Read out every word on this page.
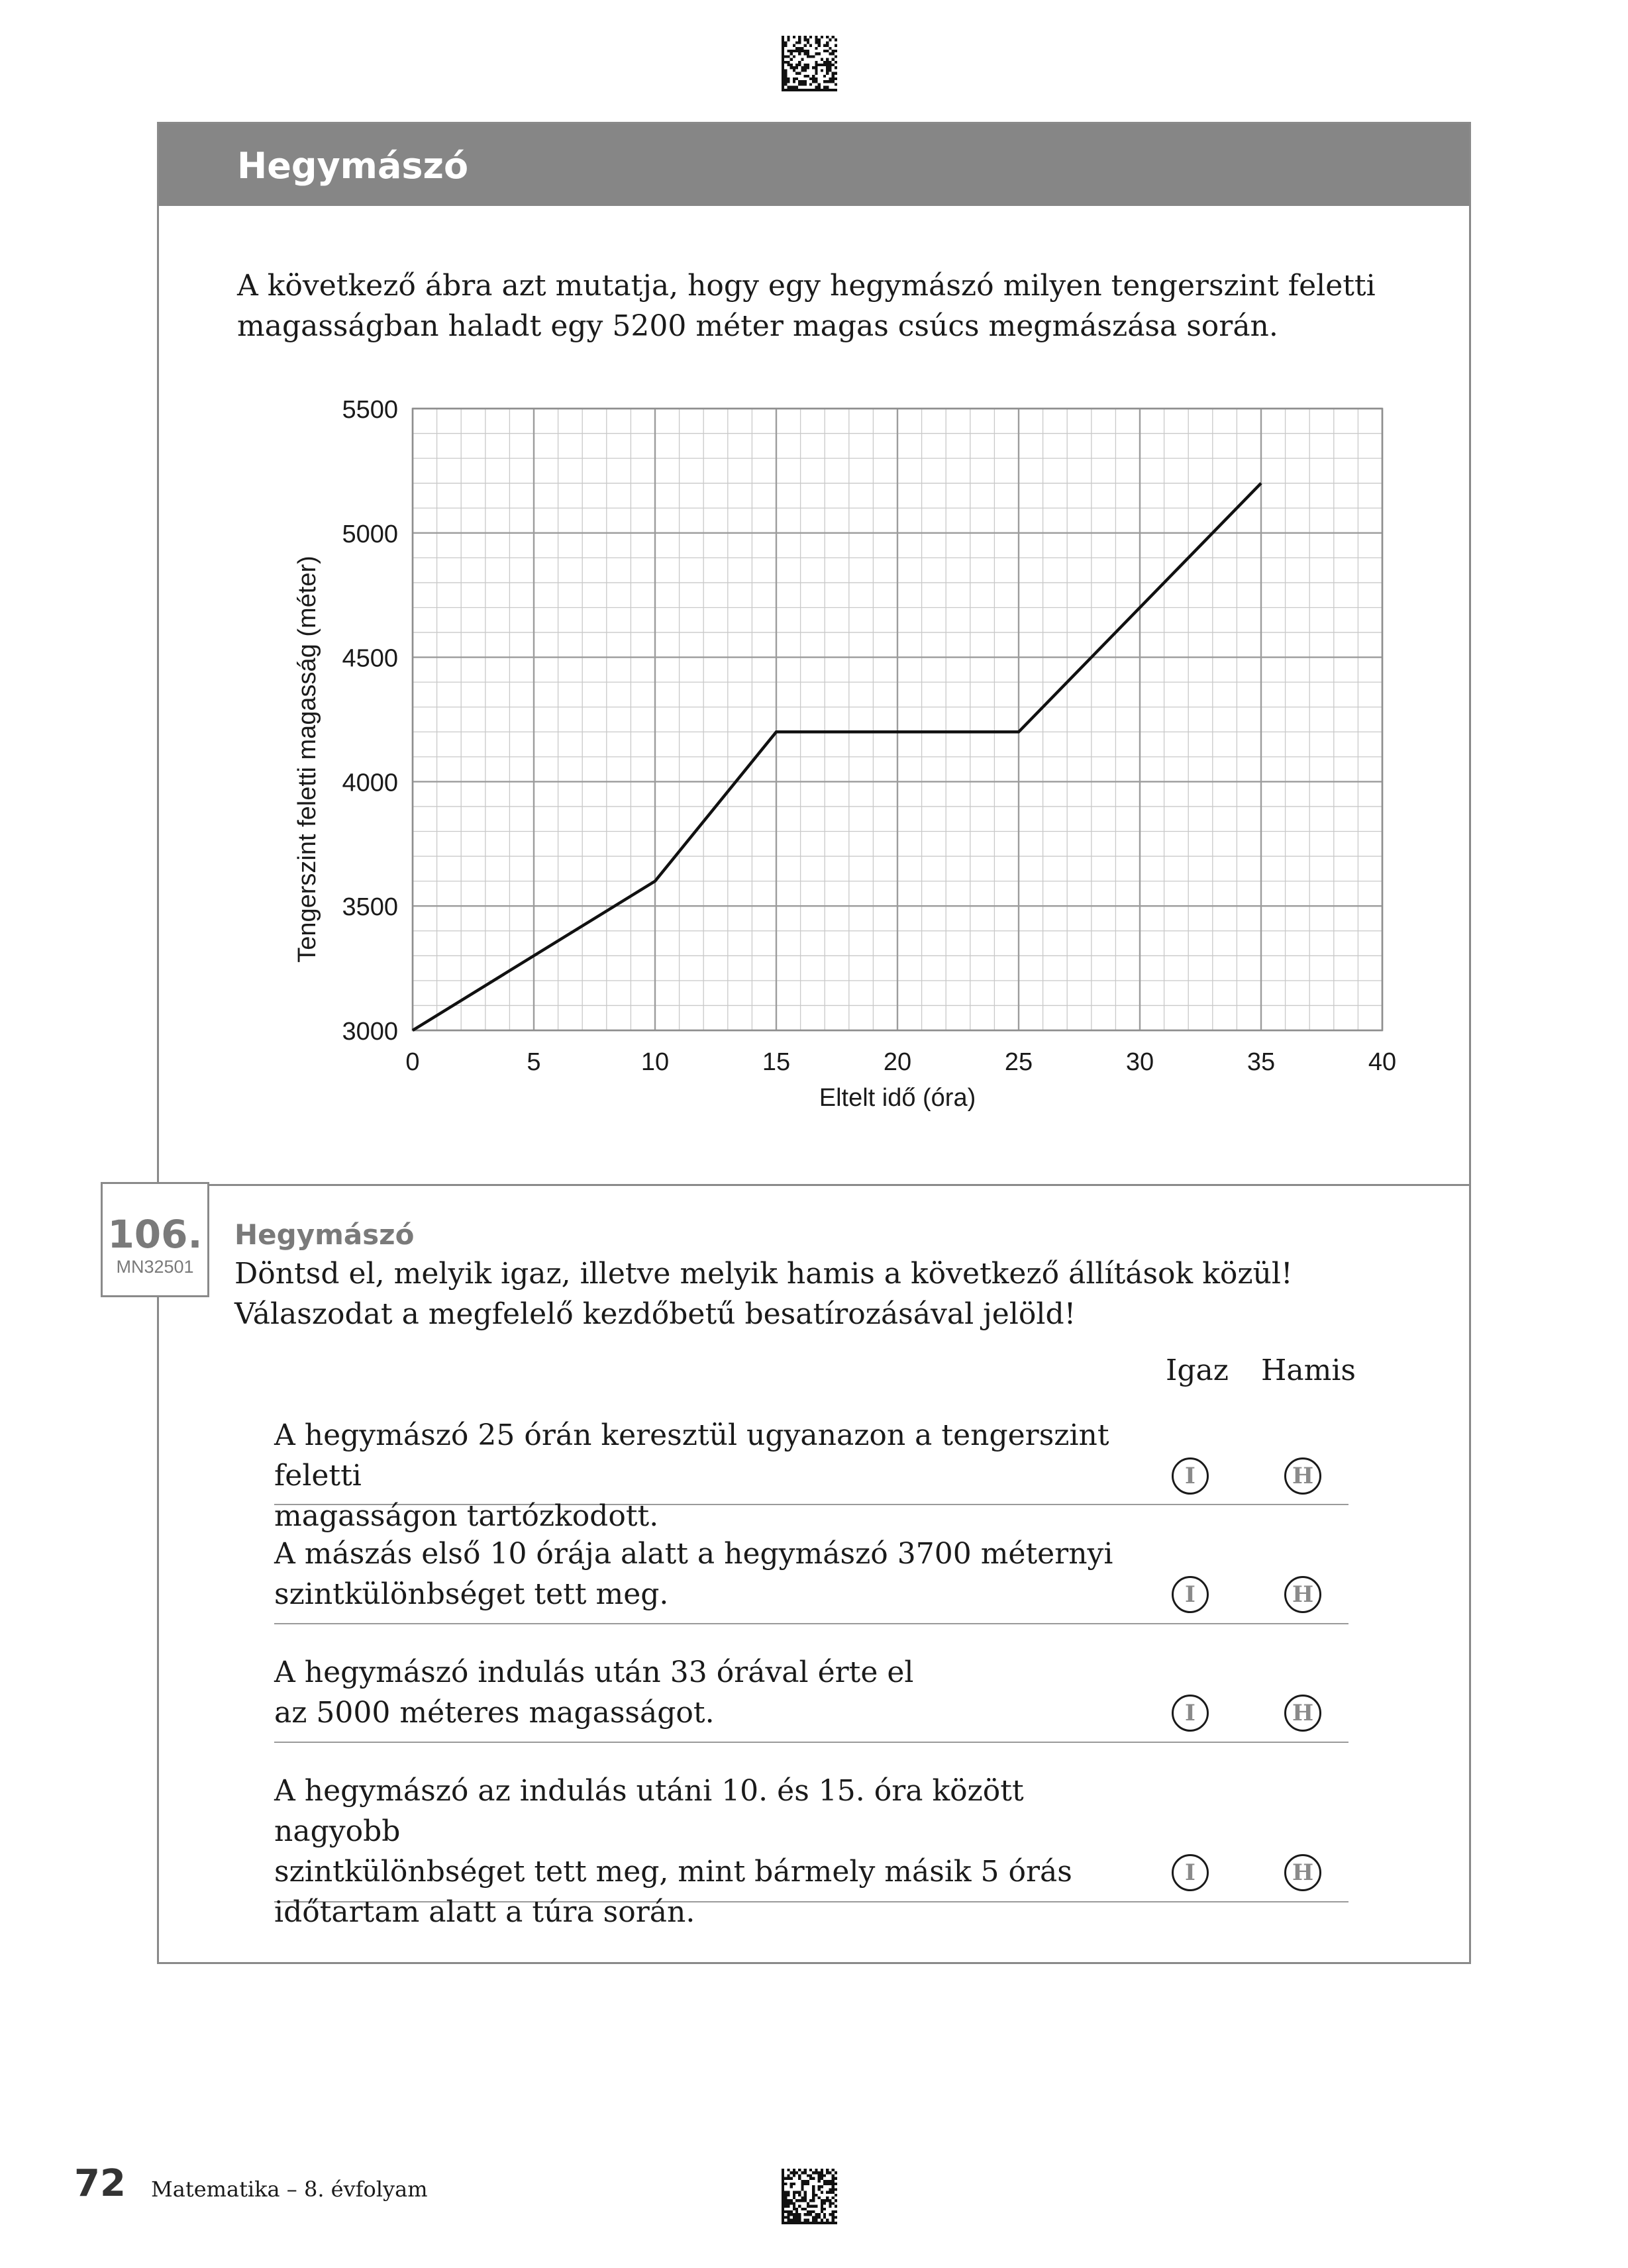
Hegymászó
A következő ábra azt mutatja, hogy egy hegymászó milyen tengerszint feletti magasságban haladt egy 5200 méter magas csúcs megmászása során.
0	5	10	15	20	25	30	35	40
3000
3500
4000
4500
5000
5500
Eltelt idő (óra)
Tengerszint feletti magasság (méter)
106.
MN32501
Hegymászó
Döntsd el, melyik igaz, illetve melyik hamis a következő állítások közül! Válaszodat a megfelelő kezdőbetű besatírozásával jelöld!
Igaz Hamis
A hegymászó 25 órán keresztül ugyanazon a tengerszint feletti
magasságon tartózkodott.
I	H
A mászás első 10 órája alatt a hegymászó 3700 méternyi
szintkülönbséget tett meg.	I	H
A hegymászó indulás után 33 órával érte el
az 5000 méteres magasságot.	I	H
A hegymászó az indulás utáni 10. és 15. óra között nagyobb
szintkülönbséget tett meg, mint bármely másik 5 órás
időtartam alatt a túra során.
I	H
72 Matematika – 8. évfolyam
